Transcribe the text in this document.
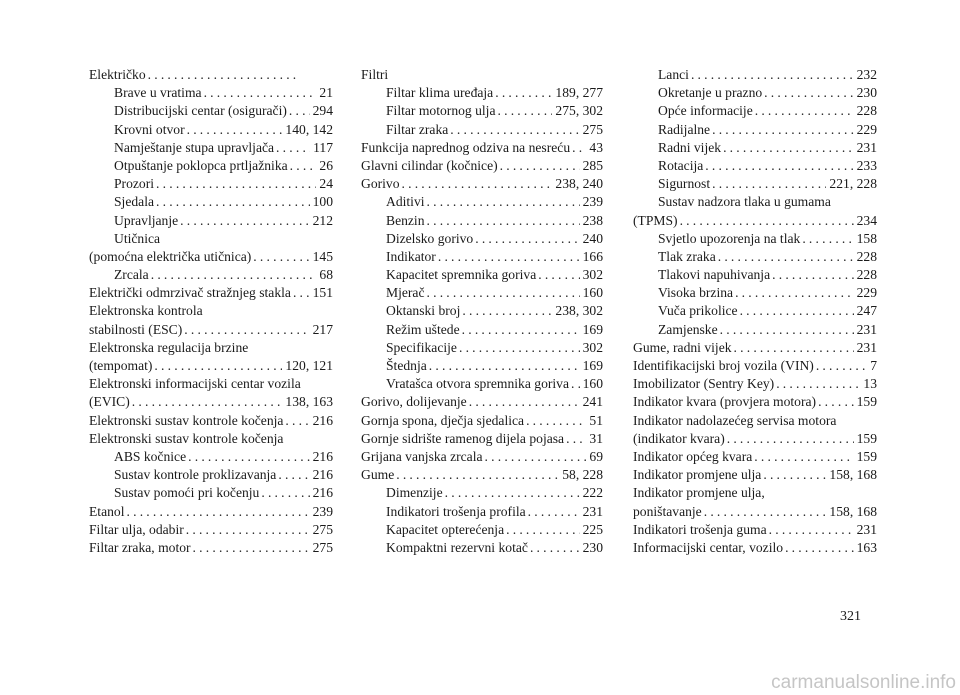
Električko
.....
Brave u vratima .....	21
Distribucijski centar (osigurači) ..... 294
Krovni otvor .....	140, 142
Namještanje stupa upravljača .....	117
Otpuštanje poklopca prtljažnika ..... 26
Prozori .....	24
Sjedala .....	100
Upravljanje .....	212
Utičnica
(pomoćna električka utičnica) .....	145
Zrcala .....	68
Električki odmrzivač stražnjeg stakla ..... 151
Elektronska kontrola
stabilnosti (ESC) .....	217
Elektronska regulacija brzine
(tempomat) .....	120, 121
Elektronski informacijski centar vozila
(EVIC) .....	138, 163
Elektronski sustav kontrole kočenja ..... 216
Elektronski sustav kontrole kočenja
ABS kočnice .....	216
Sustav kontrole proklizavanja .....	216
Sustav pomoći pri kočenju .....	216
Etanol .....	239
Filtar ulja, odabir .....	275
Filtar zraka, motor .....	275
Filtri
Filtar klima uređaja .....	189, 277
Filtar motornog ulja .....	275, 302
Filtar zraka .....	275
Funkcija naprednog odziva na nesreću ..... 43
Glavni cilindar (kočnice) .....	285
Gorivo .....	238, 240
Aditivi .....	239
Benzin .....	238
Dizelsko gorivo .....	240
Indikator .....	166
Kapacitet spremnika goriva .....	302
Mjerač .....	160
Oktanski broj .....	238, 302
Režim uštede .....	169
Specifikacije .....	302
Štednja .....	169
Vratašca otvora spremnika goriva ..... 160
Gorivo, dolijevanje .....	241
Gornja spona, dječja sjedalica .....	51
Gornje sidrište ramenog dijela pojasa ..... 31
Grijana vanjska zrcala .....	69
Gume .....	58, 228
Dimenzije .....	222
Indikatori trošenja profila .....	231
Kapacitet opterećenja .....	225
Kompaktni rezervni kotač .....	230
Lanci .....	232
Okretanje u prazno .....	230
Opće informacije .....	228
Radijalne .....	229
Radni vijek .....	231
Rotacija .....	233
Sigurnost .....	221, 228
Sustav nadzora tlaka u gumama
(TPMS) .....	234
Svjetlo upozorenja na tlak .....	158
Tlak zraka .....	228
Tlakovi napuhivanja .....	228
Visoka brzina .....	229
Vuča prikolice .....	247
Zamjenske .....	231
Gume, radni vijek .....	231
Identifikacijski broj vozila (VIN) .....	7
Imobilizator (Sentry Key) .....	13
Indikator kvara (provjera motora) .....	159
Indikator nadolazećeg servisa motora
(indikator kvara) .....	159
Indikator općeg kvara .....	159
Indikator promjene ulja .....	158, 168
Indikator promjene ulja,
poništavanje .....	158, 168
Indikatori trošenja guma .....	231
Informacijski centar, vozilo .....	163
321
carmanualsonline.info
